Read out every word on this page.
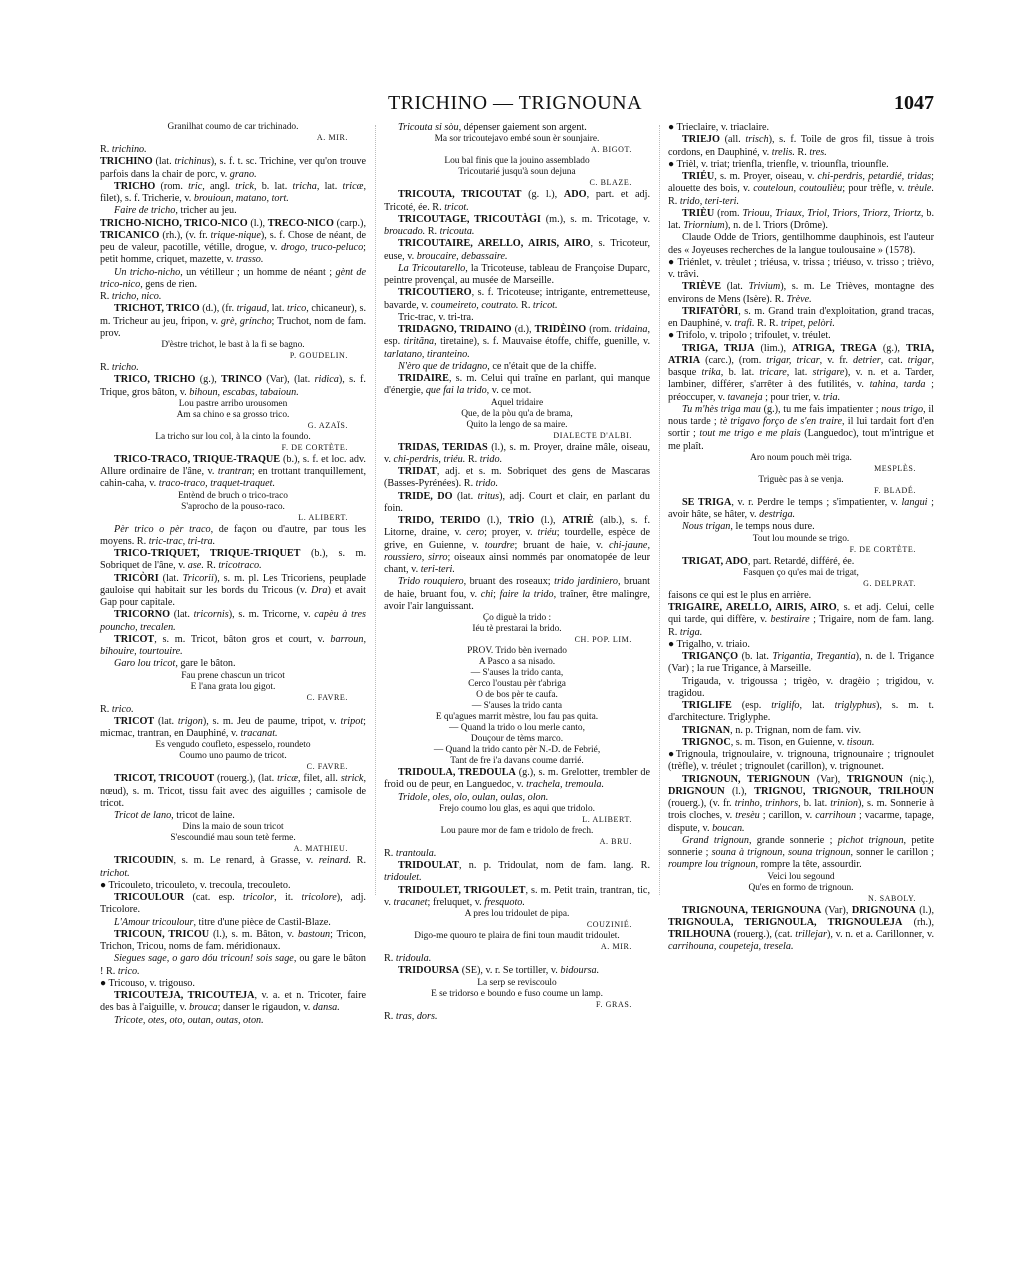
TRICHINO — TRIGNOUNA	1047

Granilhat coumo de car trichinado.

A. MIR.

R. trichino.

TRICHINO (lat. trichinus), s. f. t. sc. Trichine, ver qu'on trouve parfois dans la chair de porc, v. grano.

TRICHO (rom. tric, angl. trick, b. lat. tricha, lat. tricæ, filet), s. f. Tricherie, v. brouioun, matano, tort.

Faire de tricho, tricher au jeu.

TRICHO-NICHO, TRICO-NICO (l.), TRECO-NICO (carp.), TRICANICO (rh.), (v. fr. trique-nique), s. f. Chose de néant, de peu de valeur, pacotille, vétille, drogue, v. drogo, truco-peluco; petit homme, criquet, mazette, v. trasso.

Un tricho-nicho, un vétilleur ; un homme de néant ; gènt de trico-nico, gens de rien.

R. tricho, nico.

TRICHOT, TRICO (d.), (fr. trigaud, lat. trico, chicaneur), s. m. Tricheur au jeu, fripon, v. grè, gríncho; Truchot, nom de fam. prov.

D'èstre trichot, le bast à la fi se bagno.

P. GOUDELIN.

R. tricho.

TRICO, TRICHO (g.), TRINCO (Var), (lat. ridica), s. f. Trique, gros bâton, v. bihoun, escabas, tabaioun.

Lou pastre arribo urousomen

Am sa chino e sa grosso trico.

G. AZAÏS.

La tricho sur lou col, à la cinto la foundo.

F. DE CORTÈTE.

TRICO-TRACO, TRIQUE-TRAQUE (b.), s. f. et loc. adv. Allure ordinaire de l'âne, v. trantran; en trottant tranquillement, cahin-caha, v. traco-traco, traquet-traquet.

Entènd de bruch o trico-traco

S'aprocho de la pouso-raco.

L. ALIBERT.

Pèr trico o pèr traco, de façon ou d'autre, par tous les moyens. R. tric-trac, tri-tra.

TRICO-TRIQUET, TRIQUE-TRIQUET (b.), s. m. Sobriquet de l'âne, v. ase. R. tricotraco.

TRICÒRI (lat. Tricorii), s. m. pl. Les Tricoriens, peuplade gauloise qui habitait sur les bords du Tricous (v. Dra) et avait Gap pour capitale.

TRICORNO (lat. tricornis), s. m. Tricorne, v. capèu à tres pouncho, trecalen.

TRICOT, s. m. Tricot, bâton gros et court, v. barroun, bihouire, tourtouire.

Garo lou tricot, gare le bâton.

Fau prene chascun un tricot

E l'ana grata lou gigot.

C. FAVRE.

R. trico.

TRICOT (lat. trigon), s. m. Jeu de paume, tripot, v. tripot; micmac, trantran, en Dauphiné, v. tracanat.

Es vengudo coufleto, espesselo, roundeto

Coumo uno paumo de tricot.

C. FAVRE.

TRICOT, TRICOUOT (rouerg.), (lat. tricæ, filet, all. strick, nœud), s. m. Tricot, tissu fait avec des aiguilles ; camisole de tricot.

Tricot de lano, tricot de laine.

Dins la maio de soun tricot

S'escoundié mau soun tetè ferme.

A. MATHIEU.

TRICOUDIN, s. m. Le renard, à Grasse, v. reinard. R. trichot.

● Tricouleto, tricouleto, v. trecoula, trecouleto.

TRICOULOUR (cat. esp. tricolor, it. tricolore), adj. Tricolore.

L'Amour tricoulour, titre d'une pièce de Castil-Blaze.

TRICOUN, TRICOU (l.), s. m. Bâton, v. bastoun; Tricon, Trichon, Tricou, noms de fam. méridionaux.

Siegues sage, o garo dóu tricoun! sois sage, ou gare le bâton ! R. trico.

● Tricouso, v. trigouso.

TRICOUTEJA, TRICOUTEJA, v. a. et n. Tricoter, faire des bas à l'aiguille, v. brouca; danser le rigaudon, v. dansa.

Tricote, otes, oto, outan, outas, oton.

Tricouta si sòu, dépenser gaiement son argent.

Ma sor tricoutejavo embé soun èr sounjaire.

A. BIGOT.

Lou bal finis que la jouino assemblado

Tricoutarié jusqu'à soun dejuna

C. BLAZE.

TRICOUTA, TRICOUTAT (g. l.), ADO, part. et adj. Tricoté, ée. R. tricot.

TRICOUTAGE, TRICOUTÀGI (m.), s. m. Tricotage, v. broucado. R. tricouta.

TRICOUTAIRE, ARELLO, AIRIS, AIRO, s. Tricoteur, euse, v. broucaire, debassaire.

La Tricoutarello, la Tricoteuse, tableau de Françoise Duparc, peintre provençal, au musée de Marseille.

TRICOUTIERO, s. f. Tricoteuse; intrigante, entremetteuse, bavarde, v. coumeireto, coutrato. R. tricot.

Tric-trac, v. tri-tra.

TRIDAGNO, TRIDAINO (d.), TRIDÈINO (rom. tridaina, esp. tiritãna, tiretaine), s. f. Mauvaise étoffe, chiffe, guenille, v. tarlatano, tiranteino.

N'èro que de tridagno, ce n'était que de la chiffe.

TRIDAIRE, s. m. Celui qui traîne en parlant, qui manque d'énergie, que fai la trido, v. ce mot.

Aquel tridaire

Que, de la pòu qu'a de brama,

Quito la lengo de sa maire.

DIALECTE D'ALBI.

TRIDAS, TERIDAS (l.), s. m. Proyer, draine mâle, oiseau, v. chi-perdris, triéu. R. trido.

TRIDAT, adj. et s. m. Sobriquet des gens de Mascaras (Basses-Pyrénées). R. trido.

TRIDE, DO (lat. tritus), adj. Court et clair, en parlant du foin.

TRIDO, TERIDO (l.), TRÌO (l.), ATRIÈ (alb.), s. f. Litorne, draine, v. cero; proyer, v. triéu; tourdelle, espèce de grive, en Guienne, v. tourdre; bruant de haie, v. chi-jaune, roussiero, sirro; oiseaux ainsi nommés par onomatopée de leur chant, v. teri-teri.

Trido rouquiero, bruant des roseaux; trido jardiniero, bruant de haie, bruant fou, v. chi; faire la trido, traîner, être malingre, avoir l'air languissant.

Ço diguè la trido :

Iéu tè prestarai la brido.

CH. POP. LIM.

PROV. Trido bèn ivernado

A Pasco a sa nisado.

— S'auses la trido canta,

Cerco l'oustau pèr t'abriga

O de bos pèr te caufa.

— S'auses la trido canta

E qu'agues marrit mèstre, lou fau pas quita.

— Quand la trido o lou merle canto,

Douçour de tèms marco.

— Quand la trido canto pèr N.-D. de Febrié,

Tant de fre i'a davans coume darrié.

TRIDOULA, TREDOULA (g.), s. m. Grelotter, trembler de froid ou de peur, en Languedoc, v. trachela, tremoula.

Tridole, oles, olo, oulan, oulas, olon.

Frejo coumo lou glas, es aqui que tridolo.

L. ALIBERT.

Lou paure mor de fam e tridolo de frech.

A. BRU.

R. trantoula.

TRIDOULAT, n. p. Tridoulat, nom de fam. lang. R. tridoulet.

TRIDOULET, TRIGOULET, s. m. Petit train, trantran, tic, v. tracanet; freluquet, v. fresquoto.

A pres lou tridoulet de pipa.

COUZINIÉ.

Digo-me quouro te plaira de fini toun maudit tridoulet.

A. MIR.

R. tridoula.

TRIDOURSA (SE), v. r. Se tortiller, v. bidoursa.

La serp se reviscoulo

E se tridorso e boundo e fuso coume un lamp.

F. GRAS.

R. tras, dors.

● Trieclaire, v. triaclaire.

TRIEJO (all. trisch), s. f. Toile de gros fil, tissue à trois cordons, en Dauphiné, v. trelis. R. tres.

● Trièl, v. triat; trienfla, trienfle, v. triounfla, triounfle.

TRIÉU, s. m. Proyer, oiseau, v. chi-perdris, petardié, tridas; alouette des bois, v. couteloun, coutoulièu; pour trèfle, v. trèule. R. trido, teri-teri.

TRIÈU (rom. Triouu, Triaux, Triol, Triors, Triorz, Triortz, b. lat. Triornium), n. de l. Triors (Drôme).

Claude Odde de Triors, gentilhomme dauphinois, est l'auteur des « Joyeuses recherches de la langue toulousaine » (1578).

● Triénlet, v. trèulet ; triéusa, v. trissa ; triéuso, v. trisso ; trièvo, v. trâvi.

TRIÈVE (lat. Trivium), s. m. Le Trièves, montagne des environs de Mens (Isère). R. Trève.

TRIFATÒRI, s. m. Grand train d'exploitation, grand tracas, en Dauphiné, v. trafi. R. R. tripet, pelòri.

● Trifolo, v. tripolo ; trifoulet, v. tréulet.

TRIGA, TRIJA (lim.), ATRIGA, TREGA (g.), TRIA, ATRIA (carc.), (rom. trigar, tricar, v. fr. detrier, cat. trigar, basque trika, b. lat. tricare, lat. strigare), v. n. et a. Tarder, lambiner, différer, s'arrêter à des futilités, v. tahina, tarda ; préoccuper, v. tavaneja ; pour trier, v. tria.

Tu m'hès triga mau (g.), tu me fais impatienter ; nous trigo, il nous tarde ; tè trigavo forço de s'en traire, il lui tardait fort d'en sortir ; tout me trigo e me plais (Languedoc), tout m'intrigue et me plaît.

Aro noum pouch mèi triga.

MESPLÈS.

Triguèc pas à se venja.

F. BLADÉ.

SE TRIGA, v. r. Perdre le temps ; s'impatienter, v. langui ; avoir hâte, se hâter, v. destriga.

Nous trigan, le temps nous dure.

Tout lou mounde se trigo.

F. DE CORTÈTE.

TRIGAT, ADO, part. Retardé, différé, ée.

Fasquen ço qu'es mai de trigat,

G. DELPRAT.

faisons ce qui est le plus en arrière.

TRIGAIRE, ARELLO, AIRIS, AIRO, s. et adj. Celui, celle qui tarde, qui diffère, v. bestiraire ; Trigaire, nom de fam. lang. R. triga.

● Trigalho, v. triaio.

TRIGANÇO (b. lat. Trigantia, Tregantia), n. de l. Trigance (Var) ; la rue Trigance, à Marseille.

Trigauda, v. trigoussa ; trigèo, v. dragèio ; trigidou, v. tragidou.

TRIGLIFE (esp. triglifo, lat. triglyphus), s. m. t. d'architecture. Triglyphe.

TRIGNAN, n. p. Trignan, nom de fam. viv.

TRIGNOC, s. m. Tison, en Guienne, v. tisoun.

●Trignoula, trignoulaire, v. trignouna, trignounaire ; trignoulet (trèfle), v. tréulet ; trignoulet (carillon), v. trignounet.

TRIGNOUN, TERIGNOUN (Var), TRIGNOUN (niç.), DRIGNOUN (l.), TRIGNOU, TRIGNOUR, TRILHOUN (rouerg.), (v. fr. trinho, trinhors, b. lat. trinion), s. m. Sonnerie à trois cloches, v. tresèu ; carillon, v. carrihoun ; vacarme, tapage, dispute, v. boucan.

Grand trignoun, grande sonnerie ; pichot trignoun, petite sonnerie ; souna à trignoun, souna trignoun, sonner le carillon ; roumpre lou trignoun, rompre la tête, assourdir.

Veici lou segound

Qu'es en formo de trignoun.

N. SABOLY.

TRIGNOUNA, TERIGNOUNA (Var), DRIGNOUNA (l.), TRIGNOULA, TERIGNOULA, TRIGNOULEJA (rh.), TRILHOUNA (rouerg.), (cat. trillejar), v. n. et a. Carillonner, v. carrihouna, coupeteja, tresela.
